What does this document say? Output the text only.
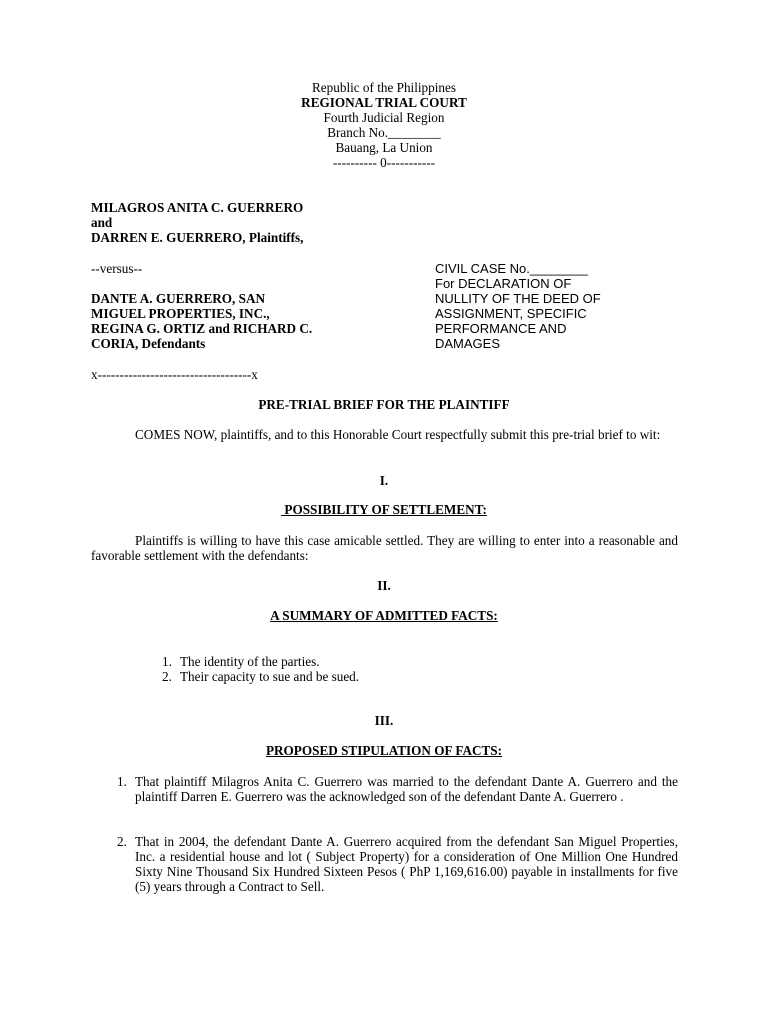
Republic of the Philippines
REGIONAL TRIAL COURT
Fourth Judicial Region
Branch No.________
Bauang, La Union
---------- 0-----------
MILAGROS ANITA C. GUERRERO
and
DARREN E. GUERRERO, Plaintiffs,
--versus--
DANTE A. GUERRERO, SAN
MIGUEL PROPERTIES, INC.,
REGINA G. ORTIZ and RICHARD C.
CORIA, Defendants
CIVIL CASE No.________
For DECLARATION OF
NULLITY OF THE DEED OF
ASSIGNMENT, SPECIFIC
PERFORMANCE AND
DAMAGES
x-----------------------------------x
PRE-TRIAL BRIEF FOR THE PLAINTIFF
COMES NOW, plaintiffs, and to this Honorable Court respectfully submit this pre-trial brief to wit:
I.
POSSIBILITY OF SETTLEMENT:
Plaintiffs is willing to have this case amicable settled. They are willing to enter into a reasonable and favorable settlement with the defendants:
II.
A SUMMARY OF ADMITTED FACTS:
1. The identity of the parties.
2. Their capacity to sue and be sued.
III.
PROPOSED STIPULATION OF FACTS:
1. That plaintiff Milagros Anita C. Guerrero was married to the defendant Dante A. Guerrero and the plaintiff Darren E. Guerrero was the acknowledged son of the defendant Dante A. Guerrero .
2. That in 2004, the defendant Dante A. Guerrero acquired from the defendant San Miguel Properties, Inc. a residential house and lot ( Subject Property) for a consideration of One Million One Hundred Sixty Nine Thousand Six Hundred Sixteen Pesos ( PhP 1,169,616.00) payable in installments for five (5) years through a Contract to Sell.
